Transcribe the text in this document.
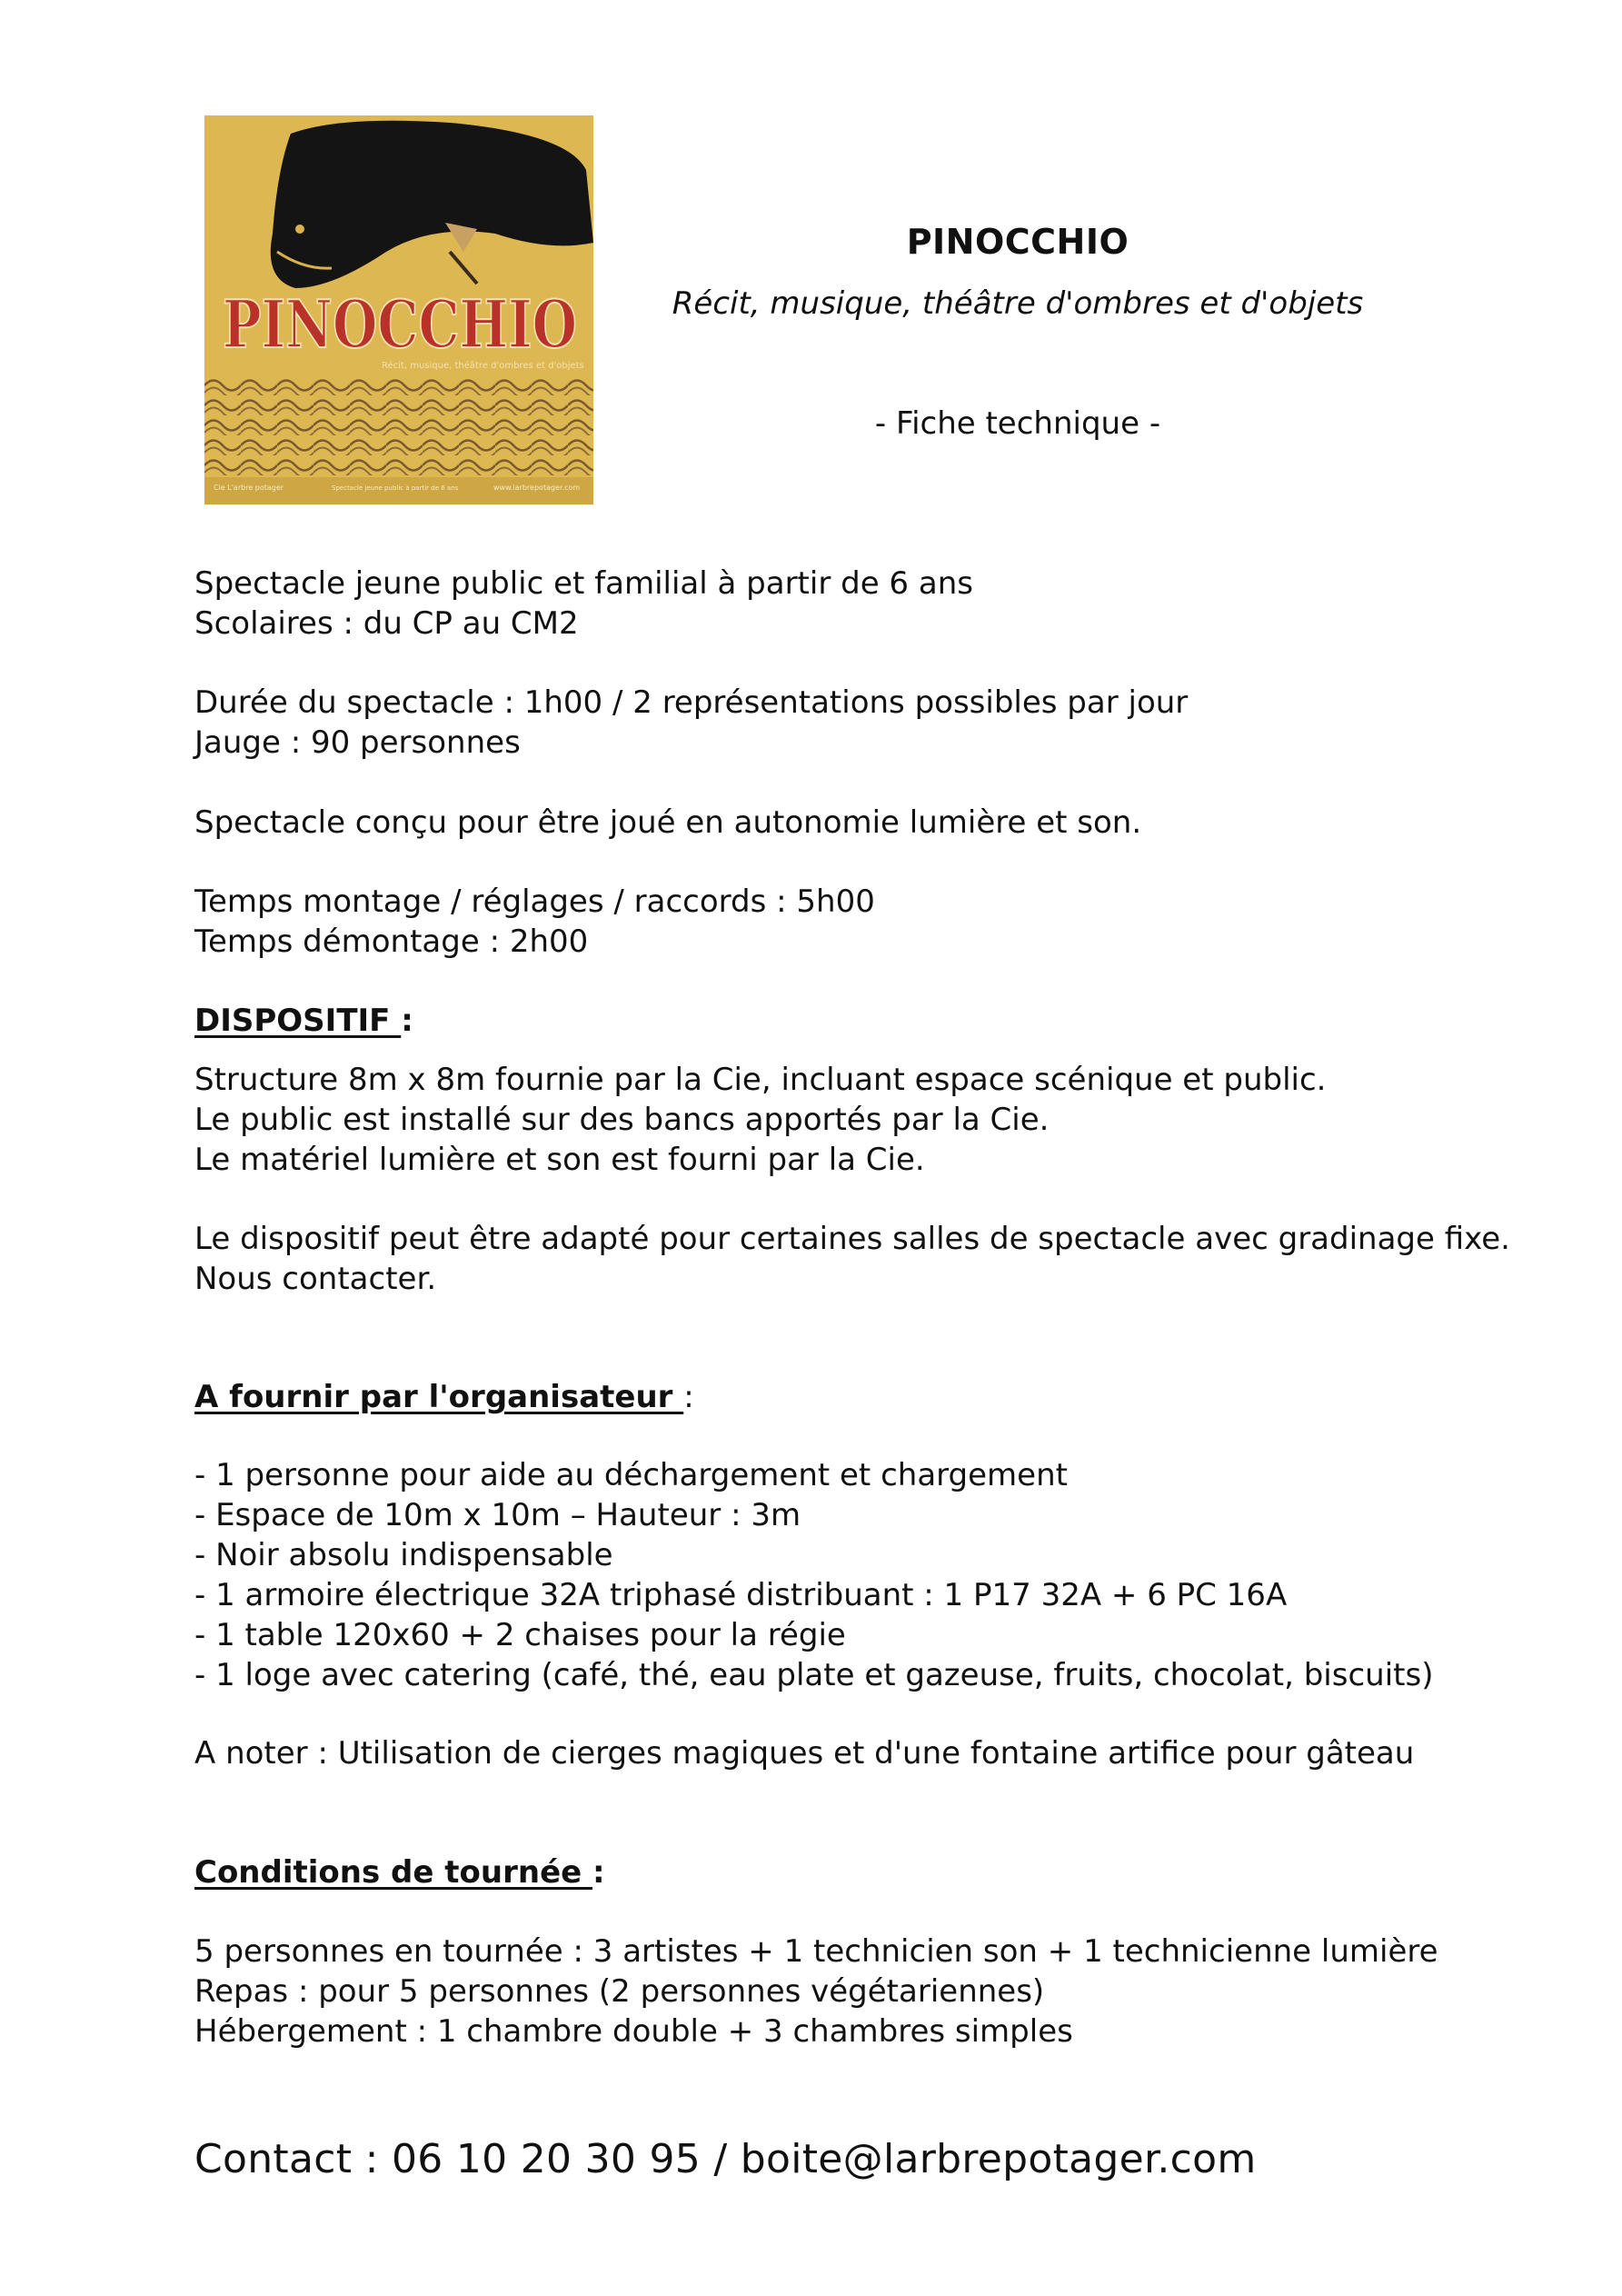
PINOCCHIO
Récit, musique, théâtre d'ombres et d'objets
Cie L'arbre potager	Spectacle jeune public à partir de 6 ans	www.larbrepotager.com
PINOCCHIO
Récit, musique, théâtre d'ombres et d'objets
- Fiche technique -
Spectacle jeune public et familial à partir de 6 ans
Scolaires : du CP au CM2
Durée du spectacle : 1h00 / 2 représentations possibles par jour
Jauge : 90 personnes
Spectacle conçu pour être joué en autonomie lumière et son.
Temps montage / réglages / raccords : 5h00
Temps démontage : 2h00
DISPOSITIF :
Structure 8m x 8m fournie par la Cie, incluant espace scénique et public.
Le public est installé sur des bancs apportés par la Cie.
Le matériel lumière et son est fourni par la Cie.
Le dispositif peut être adapté pour certaines salles de spectacle avec gradinage fixe.
Nous contacter.
A fournir par l'organisateur :
- 1 personne pour aide au déchargement et chargement
- Espace de 10m x 10m – Hauteur : 3m
- Noir absolu indispensable
- 1 armoire électrique 32A triphasé distribuant : 1 P17 32A + 6 PC 16A
- 1 table 120x60 + 2 chaises pour la régie
- 1 loge avec catering (café, thé, eau plate et gazeuse, fruits, chocolat, biscuits)
A noter : Utilisation de cierges magiques et d'une fontaine artifice pour gâteau
Conditions de tournée :
5 personnes en tournée : 3 artistes + 1 technicien son + 1 technicienne lumière
Repas : pour 5 personnes (2 personnes végétariennes)
Hébergement : 1 chambre double + 3 chambres simples
Contact : 06 10 20 30 95 / boite@larbrepotager.com
